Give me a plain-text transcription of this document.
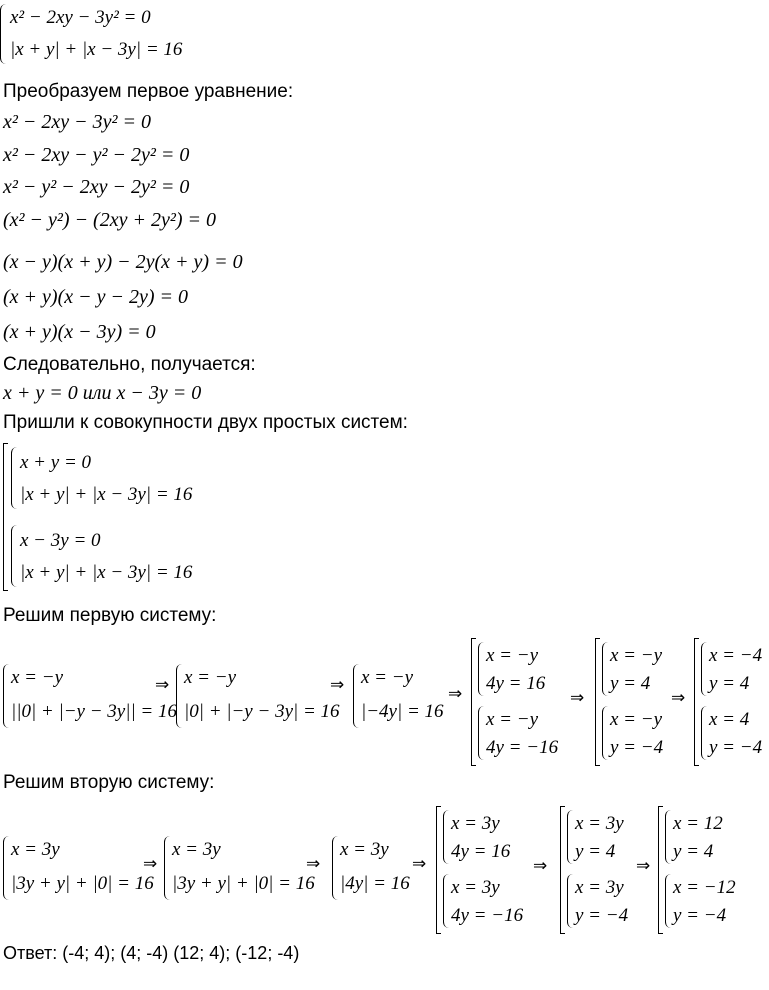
x² − 2xy − 3y² = 0
|x + y| + |x − 3y| = 16
Преобразуем первое уравнение:
x² − 2xy − 3y² = 0
x² − 2xy − y² − 2y² = 0
x² − y² − 2xy − 2y² = 0
(x² − y²) − (2xy + 2y²) = 0
(x − y)(x + y) − 2y(x + y) = 0
(x + y)(x − y − 2y) = 0
(x + y)(x − 3y) = 0
Следовательно, получается:
x + y = 0 или x − 3y = 0
Пришли к совокупности двух простых систем:
x + y = 0
|x + y| + |x − 3y| = 16
x − 3y = 0
|x + y| + |x − 3y| = 16
Решим первую систему:
x = −y
||0| + |−y − 3y|| = 16
⇒ x = −y
|0| + |−y − 3y| = 16
⇒ x = −y
|−4y| = 16
⇒
x = −y
4y = 16
x = −y
4y = −16
⇒
x = −y
y = 4
x = −y
y = −4
⇒
x = −4
y = 4
x = 4
y = −4
Решим вторую систему:
x = 3y
|3y + y| + |0| = 16
⇒
x = 3y
|3y + y| + |0| = 16
⇒
x = 3y
|4y| = 16
⇒
x = 3y
4y = 16
x = 3y
4y = −16
⇒
x = 3y
y = 4
x = 3y
y = −4
⇒
x = 12
y = 4
x = −12
y = −4
Ответ: (-4; 4); (4; -4) (12; 4); (-12; -4)
